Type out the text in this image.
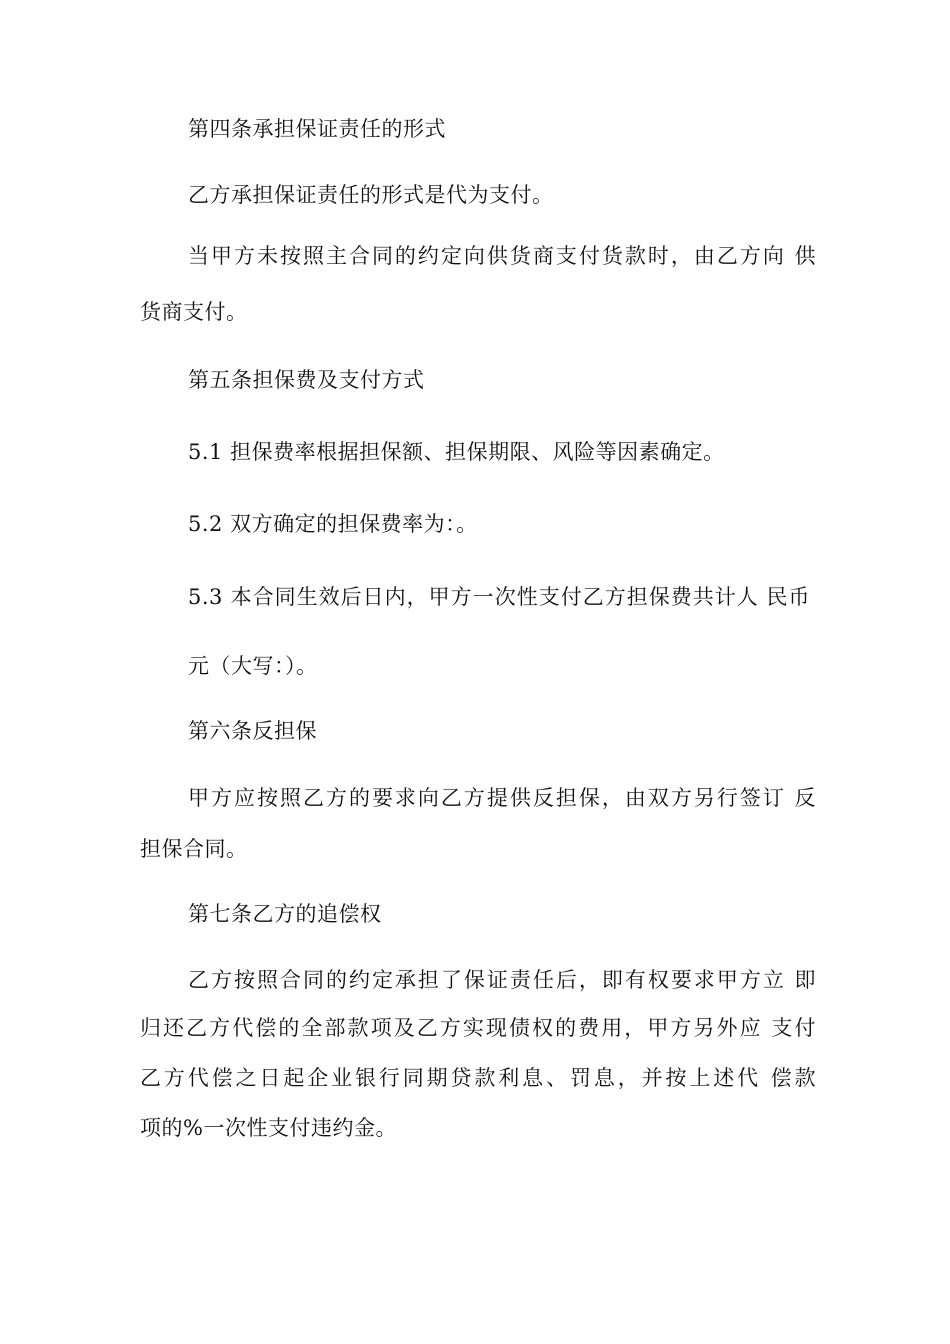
第四条承担保证责任的形式
乙方承担保证责任的形式是代为支付。
当甲方未按照主合同的约定向供货商支付货款时，由乙方向 供
货商支付。
第五条担保费及支付方式
5.1 担保费率根据担保额、担保期限、风险等因素确定。
5.2 双方确定的担保费率为：。
5.3 本合同生效后日内，甲方一次性支付乙方担保费共计人 民币
元（大写：）。
第六条反担保
甲方应按照乙方的要求向乙方提供反担保，由双方另行签订 反
担保合同。
第七条乙方的追偿权
乙方按照合同的约定承担了保证责任后，即有权要求甲方立 即
归还乙方代偿的全部款项及乙方实现债权的费用，甲方另外应 支付
乙方代偿之日起企业银行同期贷款利息、罚息，并按上述代 偿款
项的%一次性支付违约金。
